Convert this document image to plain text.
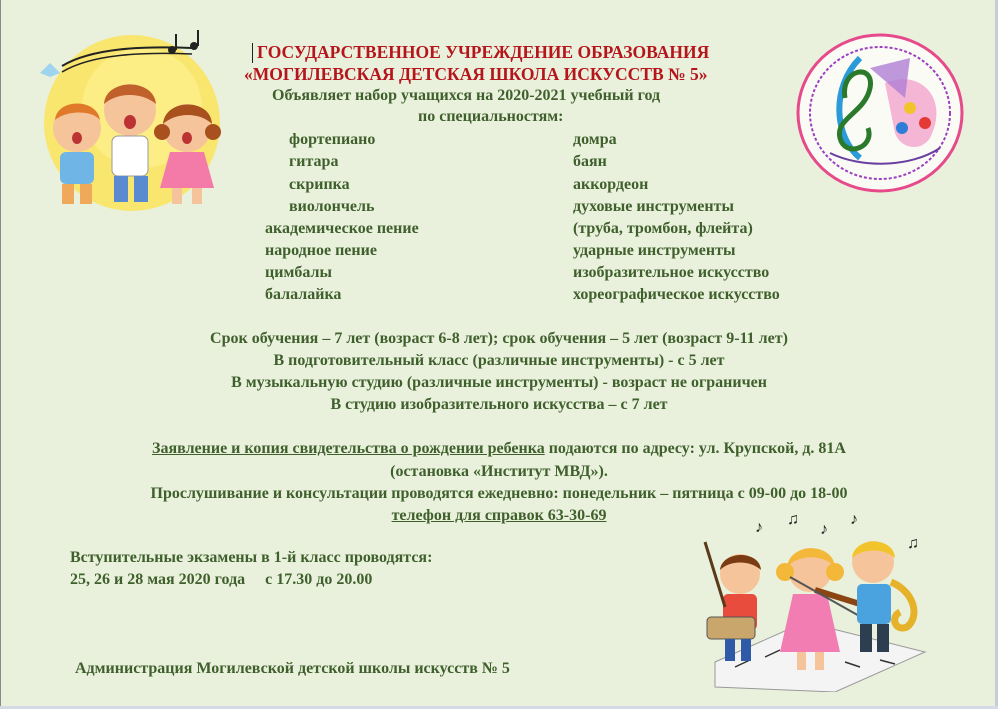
♪ ♫
♪
♪
♫
ГОСУДАРСТВЕННОЕ УЧРЕЖДЕНИЕ ОБРАЗОВАНИЯ
«МОГИЛЕВСКАЯ ДЕТСКАЯ ШКОЛА ИСКУССТВ № 5»
Объявляет набор учащихся на 2020-2021 учебный год
по специальностям:
фортепиано
гитара
скрипка
виолончель
академическое пение
народное пение
цимбалы
балалайка
домра
баян
аккордеон
духовые инструменты
(труба, тромбон, флейта)
ударные инструменты
изобразительное искусство
хореографическое искусство
Срок обучения – 7 лет (возраст 6-8 лет); срок обучения – 5 лет (возраст 9-11 лет)
В подготовительный класс (различные инструменты) - с 5 лет
В музыкальную студию (различные инструменты) - возраст не ограничен
В студию изобразительного искусства – с 7 лет
Заявление и копия свидетельства о рождении ребенка подаются по адресу: ул. Крупской, д. 81А
(остановка «Институт МВД»).
Прослушивание и консультации проводятся ежедневно: понедельник – пятница с 09-00 до 18-00
телефон для справок 63-30-69
Вступительные экзамены в 1-й класс проводятся:
25, 26 и 28 мая 2020 года     с 17.30 до 20.00
Администрация Могилевской детской школы искусств № 5
